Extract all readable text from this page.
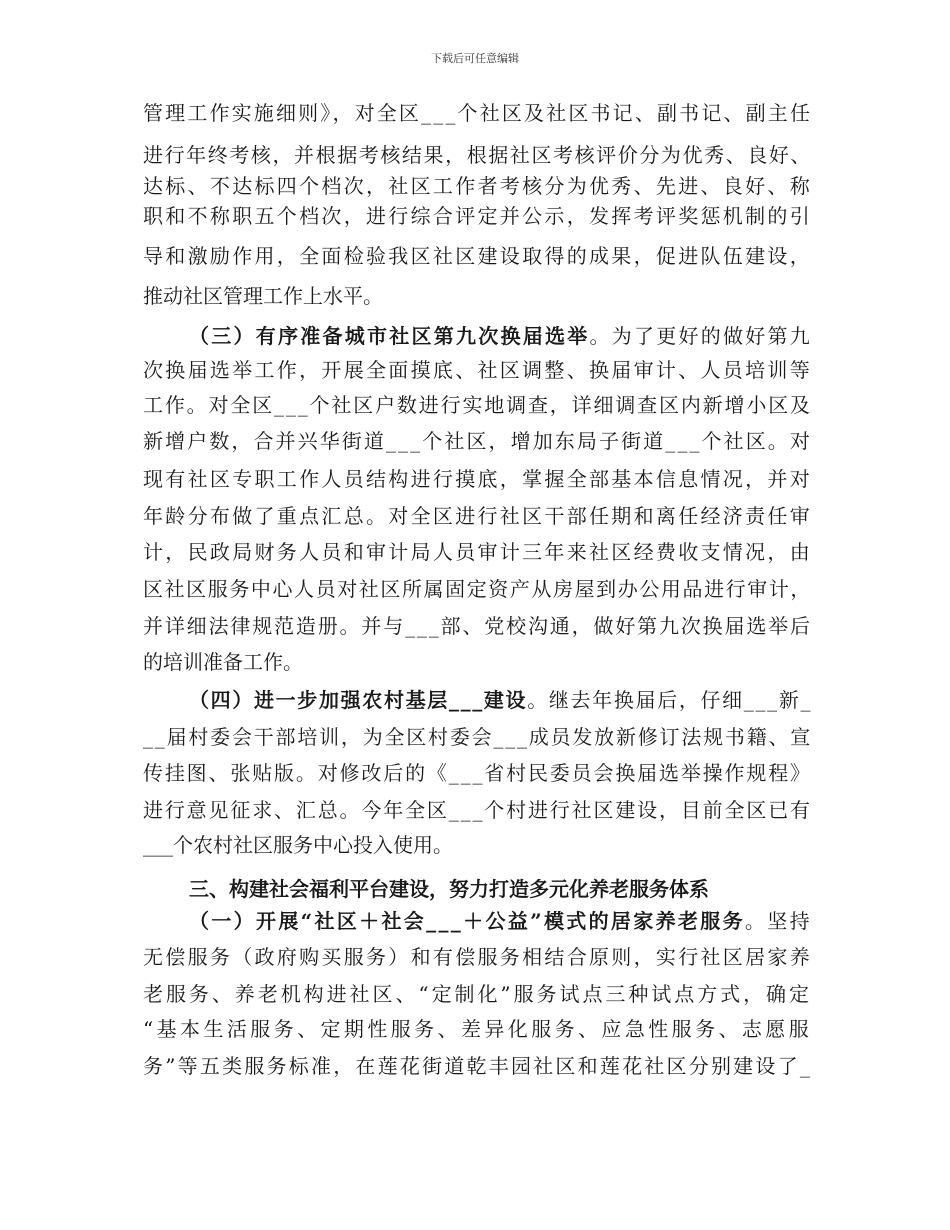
下载后可任意编辑
管理工作实施细则》，对全区___个社区及社区书记、副书记、副主任
进行年终考核，并根据考核结果，根据社区考核评价分为优秀、良好、
达标、不达标四个档次，社区工作者考核分为优秀、先进、良好、称
职和不称职五个档次，进行综合评定并公示，发挥考评奖惩机制的引
导和激励作用，全面检验我区社区建设取得的成果，促进队伍建设，
推动社区管理工作上水平。
（三）有序准备城市社区第九次换届选举。为了更好的做好第九
次换届选举工作，开展全面摸底、社区调整、换届审计、人员培训等
工作。对全区___个社区户数进行实地调查，详细调查区内新增小区及
新增户数，合并兴华街道___个社区，增加东局子街道___个社区。对
现有社区专职工作人员结构进行摸底，掌握全部基本信息情况，并对
年龄分布做了重点汇总。对全区进行社区干部任期和离任经济责任审
计，民政局财务人员和审计局人员审计三年来社区经费收支情况，由
区社区服务中心人员对社区所属固定资产从房屋到办公用品进行审计，
并详细法律规范造册。并与___部、党校沟通，做好第九次换届选举后
的培训准备工作。
（四）进一步加强农村基层___建设。继去年换届后，仔细___新_
__届村委会干部培训，为全区村委会___成员发放新修订法规书籍、宣
传挂图、张贴版。对修改后的《___省村民委员会换届选举操作规程》
进行意见征求、汇总。今年全区___个村进行社区建设，目前全区已有
___个农村社区服务中心投入使用。
三、构建社会福利平台建设，努力打造多元化养老服务体系
（一）开展“社区＋社会___＋公益”模式的居家养老服务。坚持
无偿服务（政府购买服务）和有偿服务相结合原则，实行社区居家养
老服务、养老机构进社区、“定制化”服务试点三种试点方式，确定
“基本生活服务、定期性服务、差异化服务、应急性服务、志愿服
务”等五类服务标准，在莲花街道乾丰园社区和莲花社区分别建设了_
